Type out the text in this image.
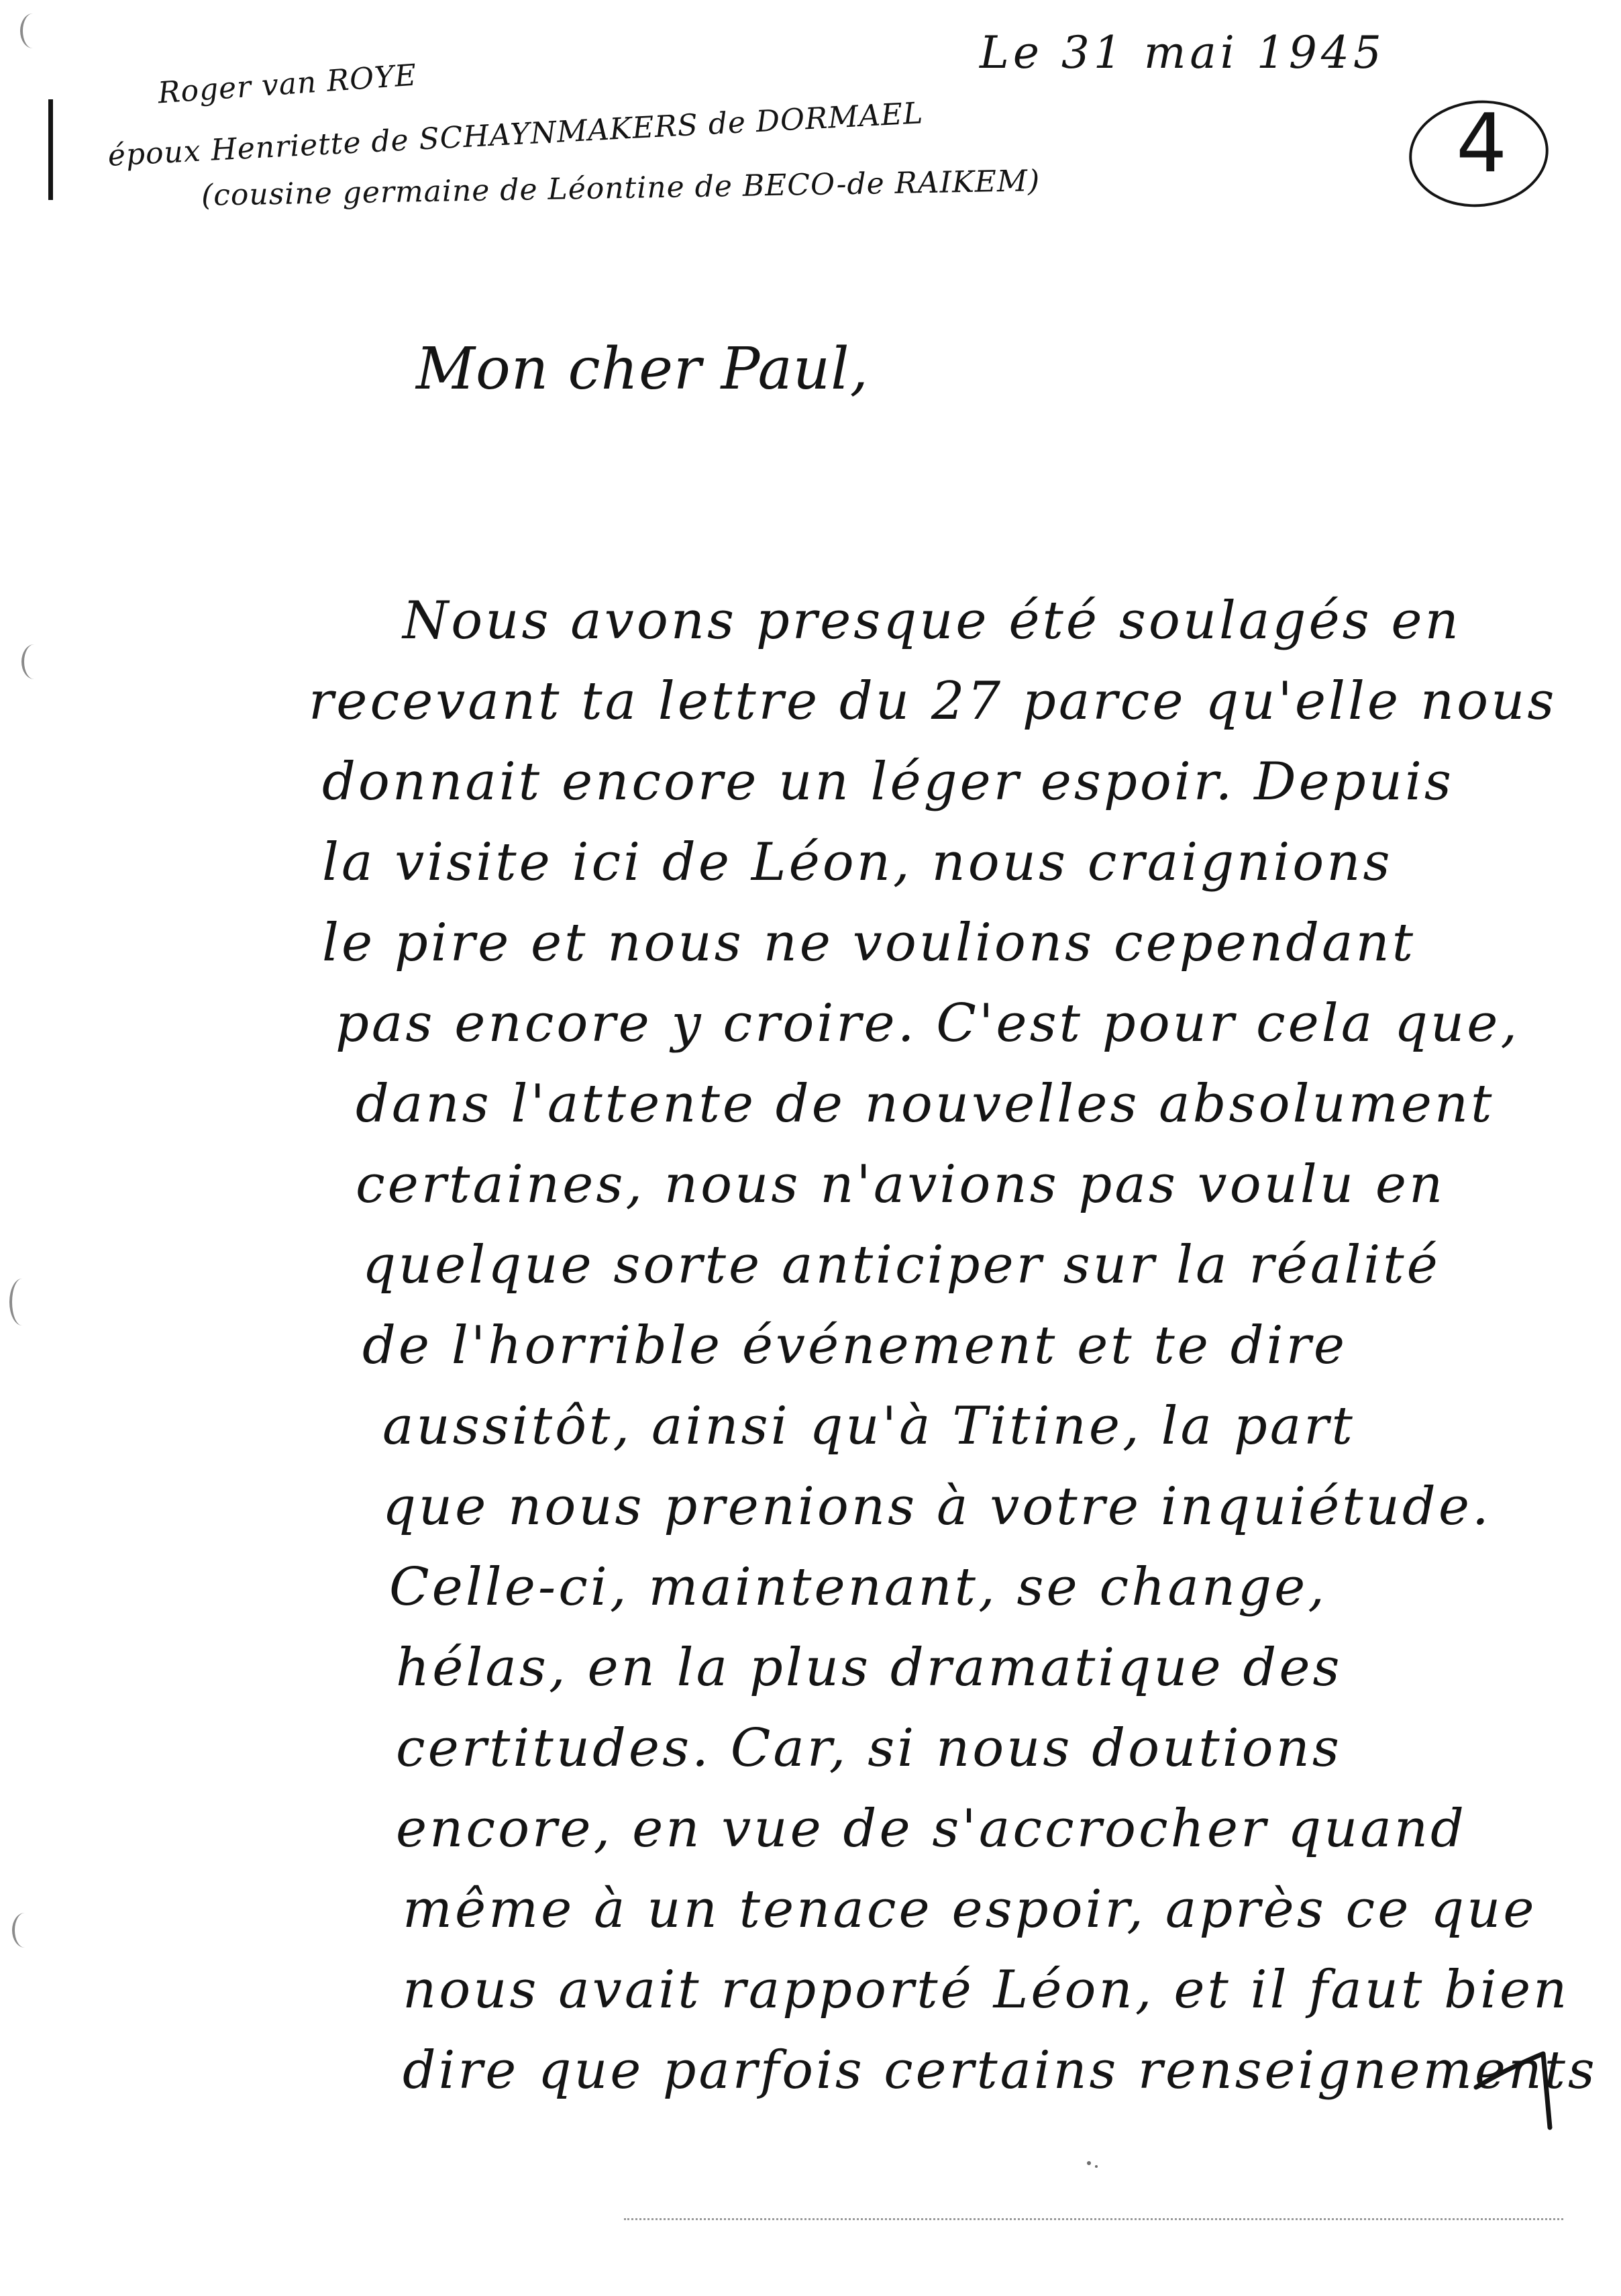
Roger van ROYE
époux Henriette de SCHAYNMAKERS de DORMAEL
(cousine germaine de Léontine de BECO-de RAIKEM)
Le 31 mai 1945
4
Mon cher Paul,
Nous avons presque été soulagés en
recevant ta lettre du 27 parce qu'elle nous
donnait encore un léger espoir. Depuis
la visite ici de Léon, nous craignions
le pire et nous ne voulions cependant
pas encore y croire. C'est pour cela que,
dans l'attente de nouvelles absolument
certaines, nous n'avions pas voulu en
quelque sorte anticiper sur la réalité
de l'horrible événement et te dire
aussitôt, ainsi qu'à Titine, la part
que nous prenions à votre inquiétude.
Celle-ci, maintenant, se change,
hélas, en la plus dramatique des
certitudes. Car, si nous doutions
encore, en vue de s'accrocher quand
même à un tenace espoir, après ce que
nous avait rapporté Léon, et il faut bien
dire que parfois certains renseignements
